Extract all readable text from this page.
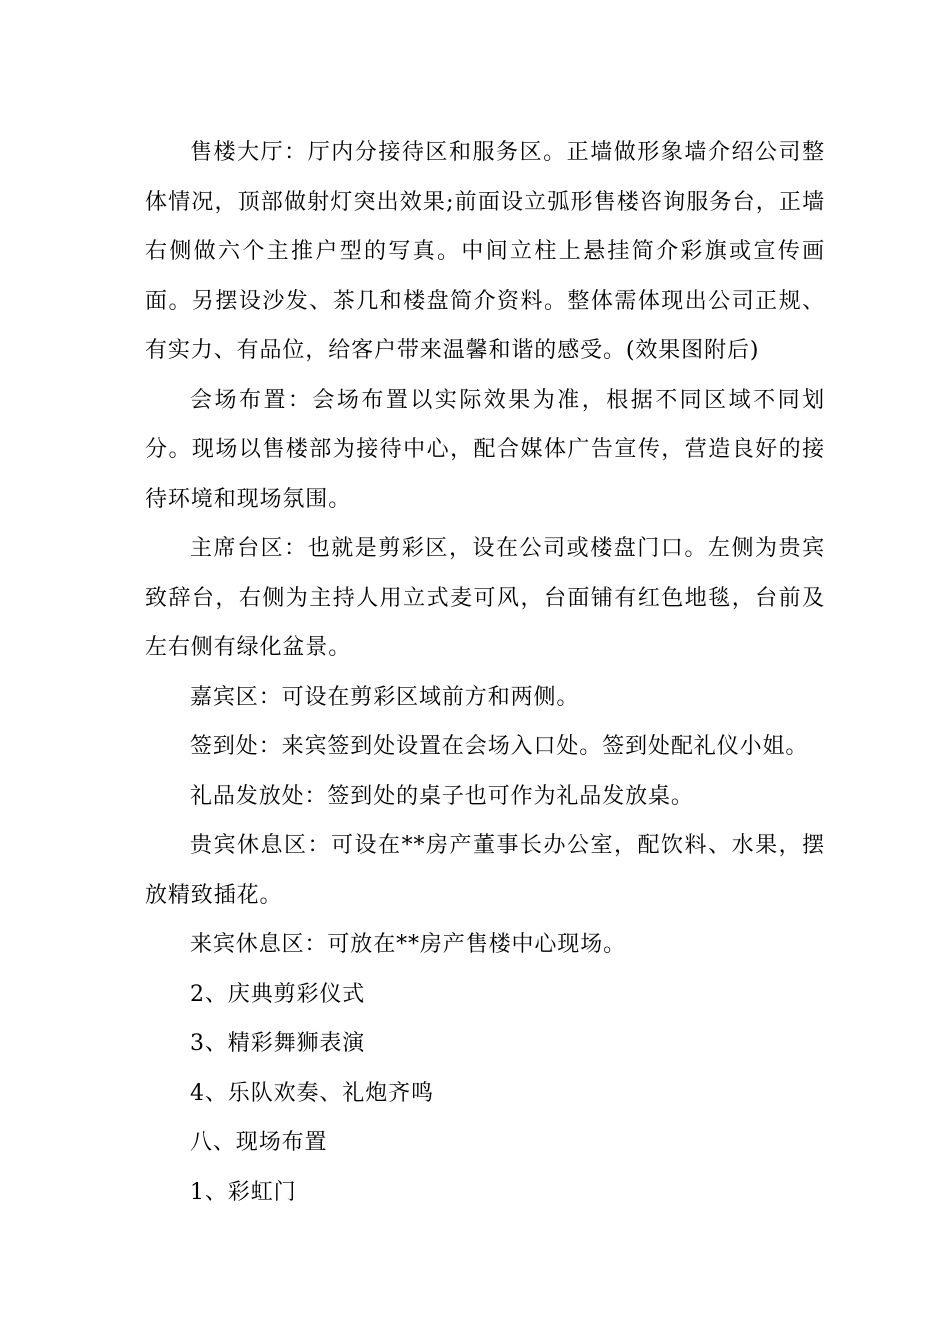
售楼大厅：厅内分接待区和服务区。正墙做形象墙介绍公司整体情况，顶部做射灯突出效果;前面设立弧形售楼咨询服务台，正墙右侧做六个主推户型的写真。中间立柱上悬挂简介彩旗或宣传画面。另摆设沙发、茶几和楼盘简介资料。整体需体现出公司正规、有实力、有品位，给客户带来温馨和谐的感受。(效果图附后)

会场布置：会场布置以实际效果为准，根据不同区域不同划分。现场以售楼部为接待中心，配合媒体广告宣传，营造良好的接待环境和现场氛围。

主席台区：也就是剪彩区，设在公司或楼盘门口。左侧为贵宾致辞台，右侧为主持人用立式麦可风，台面铺有红色地毯，台前及左右侧有绿化盆景。

嘉宾区：可设在剪彩区域前方和两侧。

签到处：来宾签到处设置在会场入口处。签到处配礼仪小姐。

礼品发放处：签到处的桌子也可作为礼品发放桌。

贵宾休息区：可设在**房产董事长办公室，配饮料、水果，摆放精致插花。

来宾休息区：可放在**房产售楼中心现场。

2、庆典剪彩仪式

3、精彩舞狮表演

4、乐队欢奏、礼炮齐鸣

八、现场布置

1、彩虹门
